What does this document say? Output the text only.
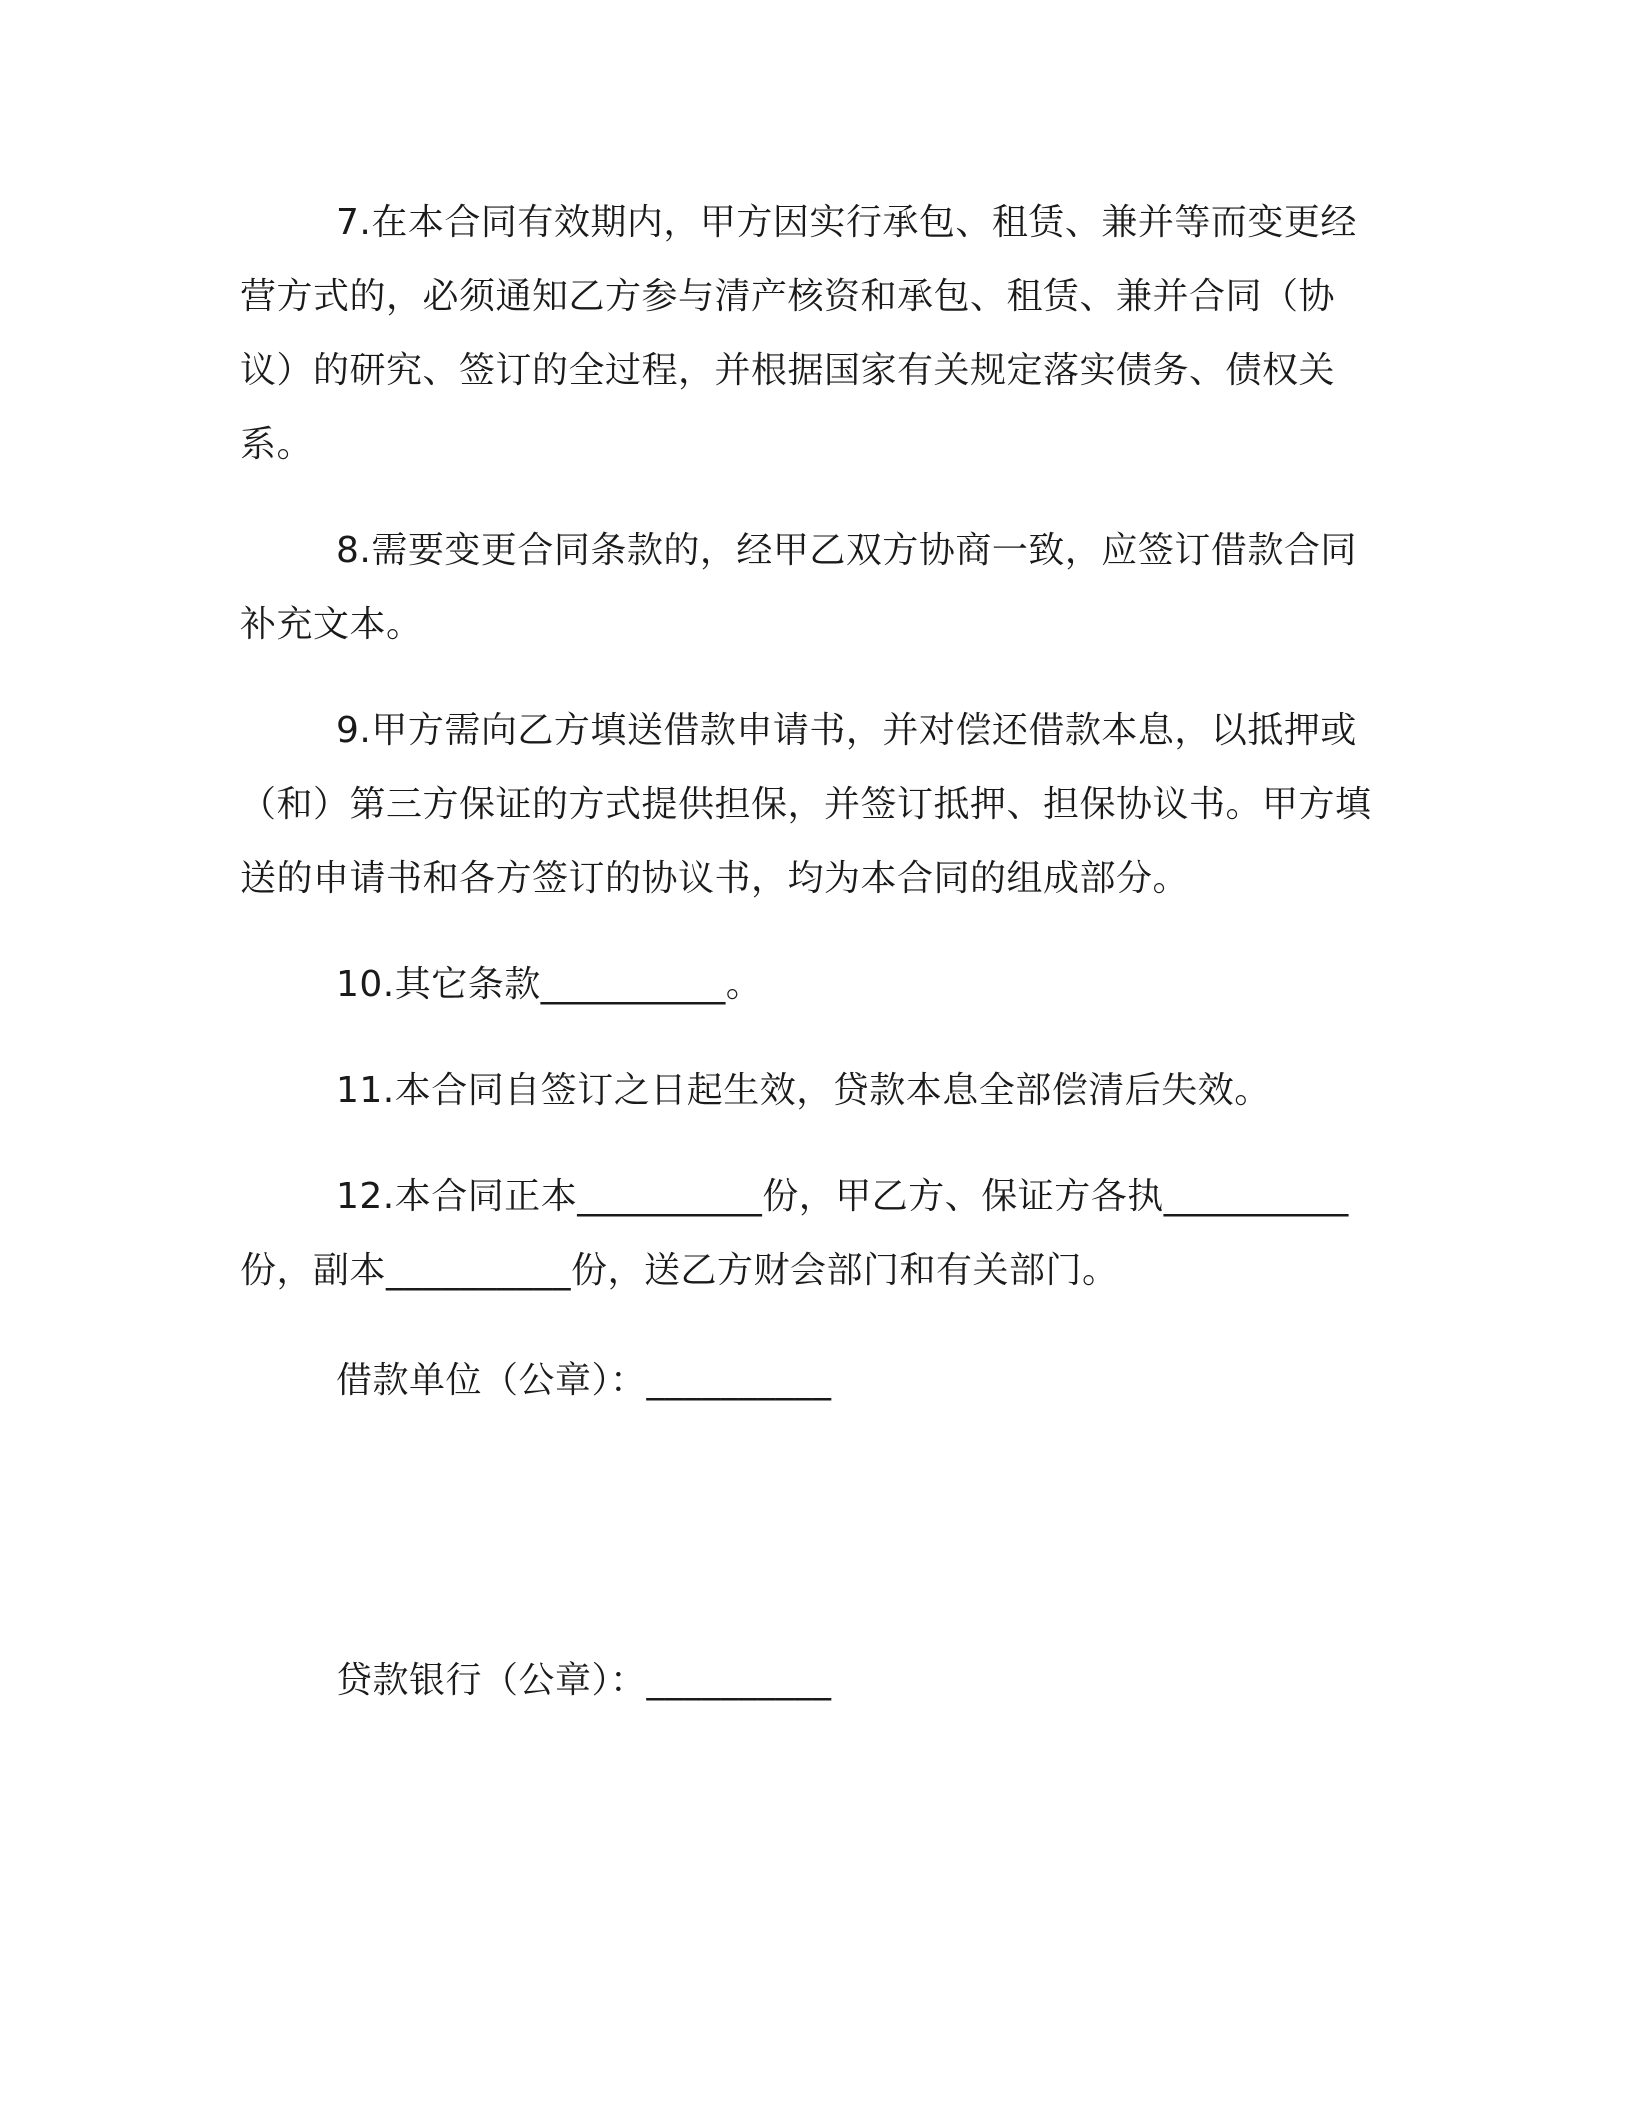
7.在本合同有效期内，甲方因实行承包、租赁、兼并等而变更经营方式的，必须通知乙方参与清产核资和承包、租赁、兼并合同（协议）的研究、签订的全过程，并根据国家有关规定落实债务、债权关系。

8.需要变更合同条款的，经甲乙双方协商一致，应签订借款合同补充文本。

9.甲方需向乙方填送借款申请书，并对偿还借款本息，以抵押或（和）第三方保证的方式提供担保，并签订抵押、担保协议书。甲方填送的申请书和各方签订的协议书，均为本合同的组成部分。

10.其它条款__________。

11.本合同自签订之日起生效，贷款本息全部偿清后失效。

12.本合同正本__________份，甲乙方、保证方各执__________份，副本__________份，送乙方财会部门和有关部门。

借款单位（公章）：__________

贷款银行（公章）：__________
